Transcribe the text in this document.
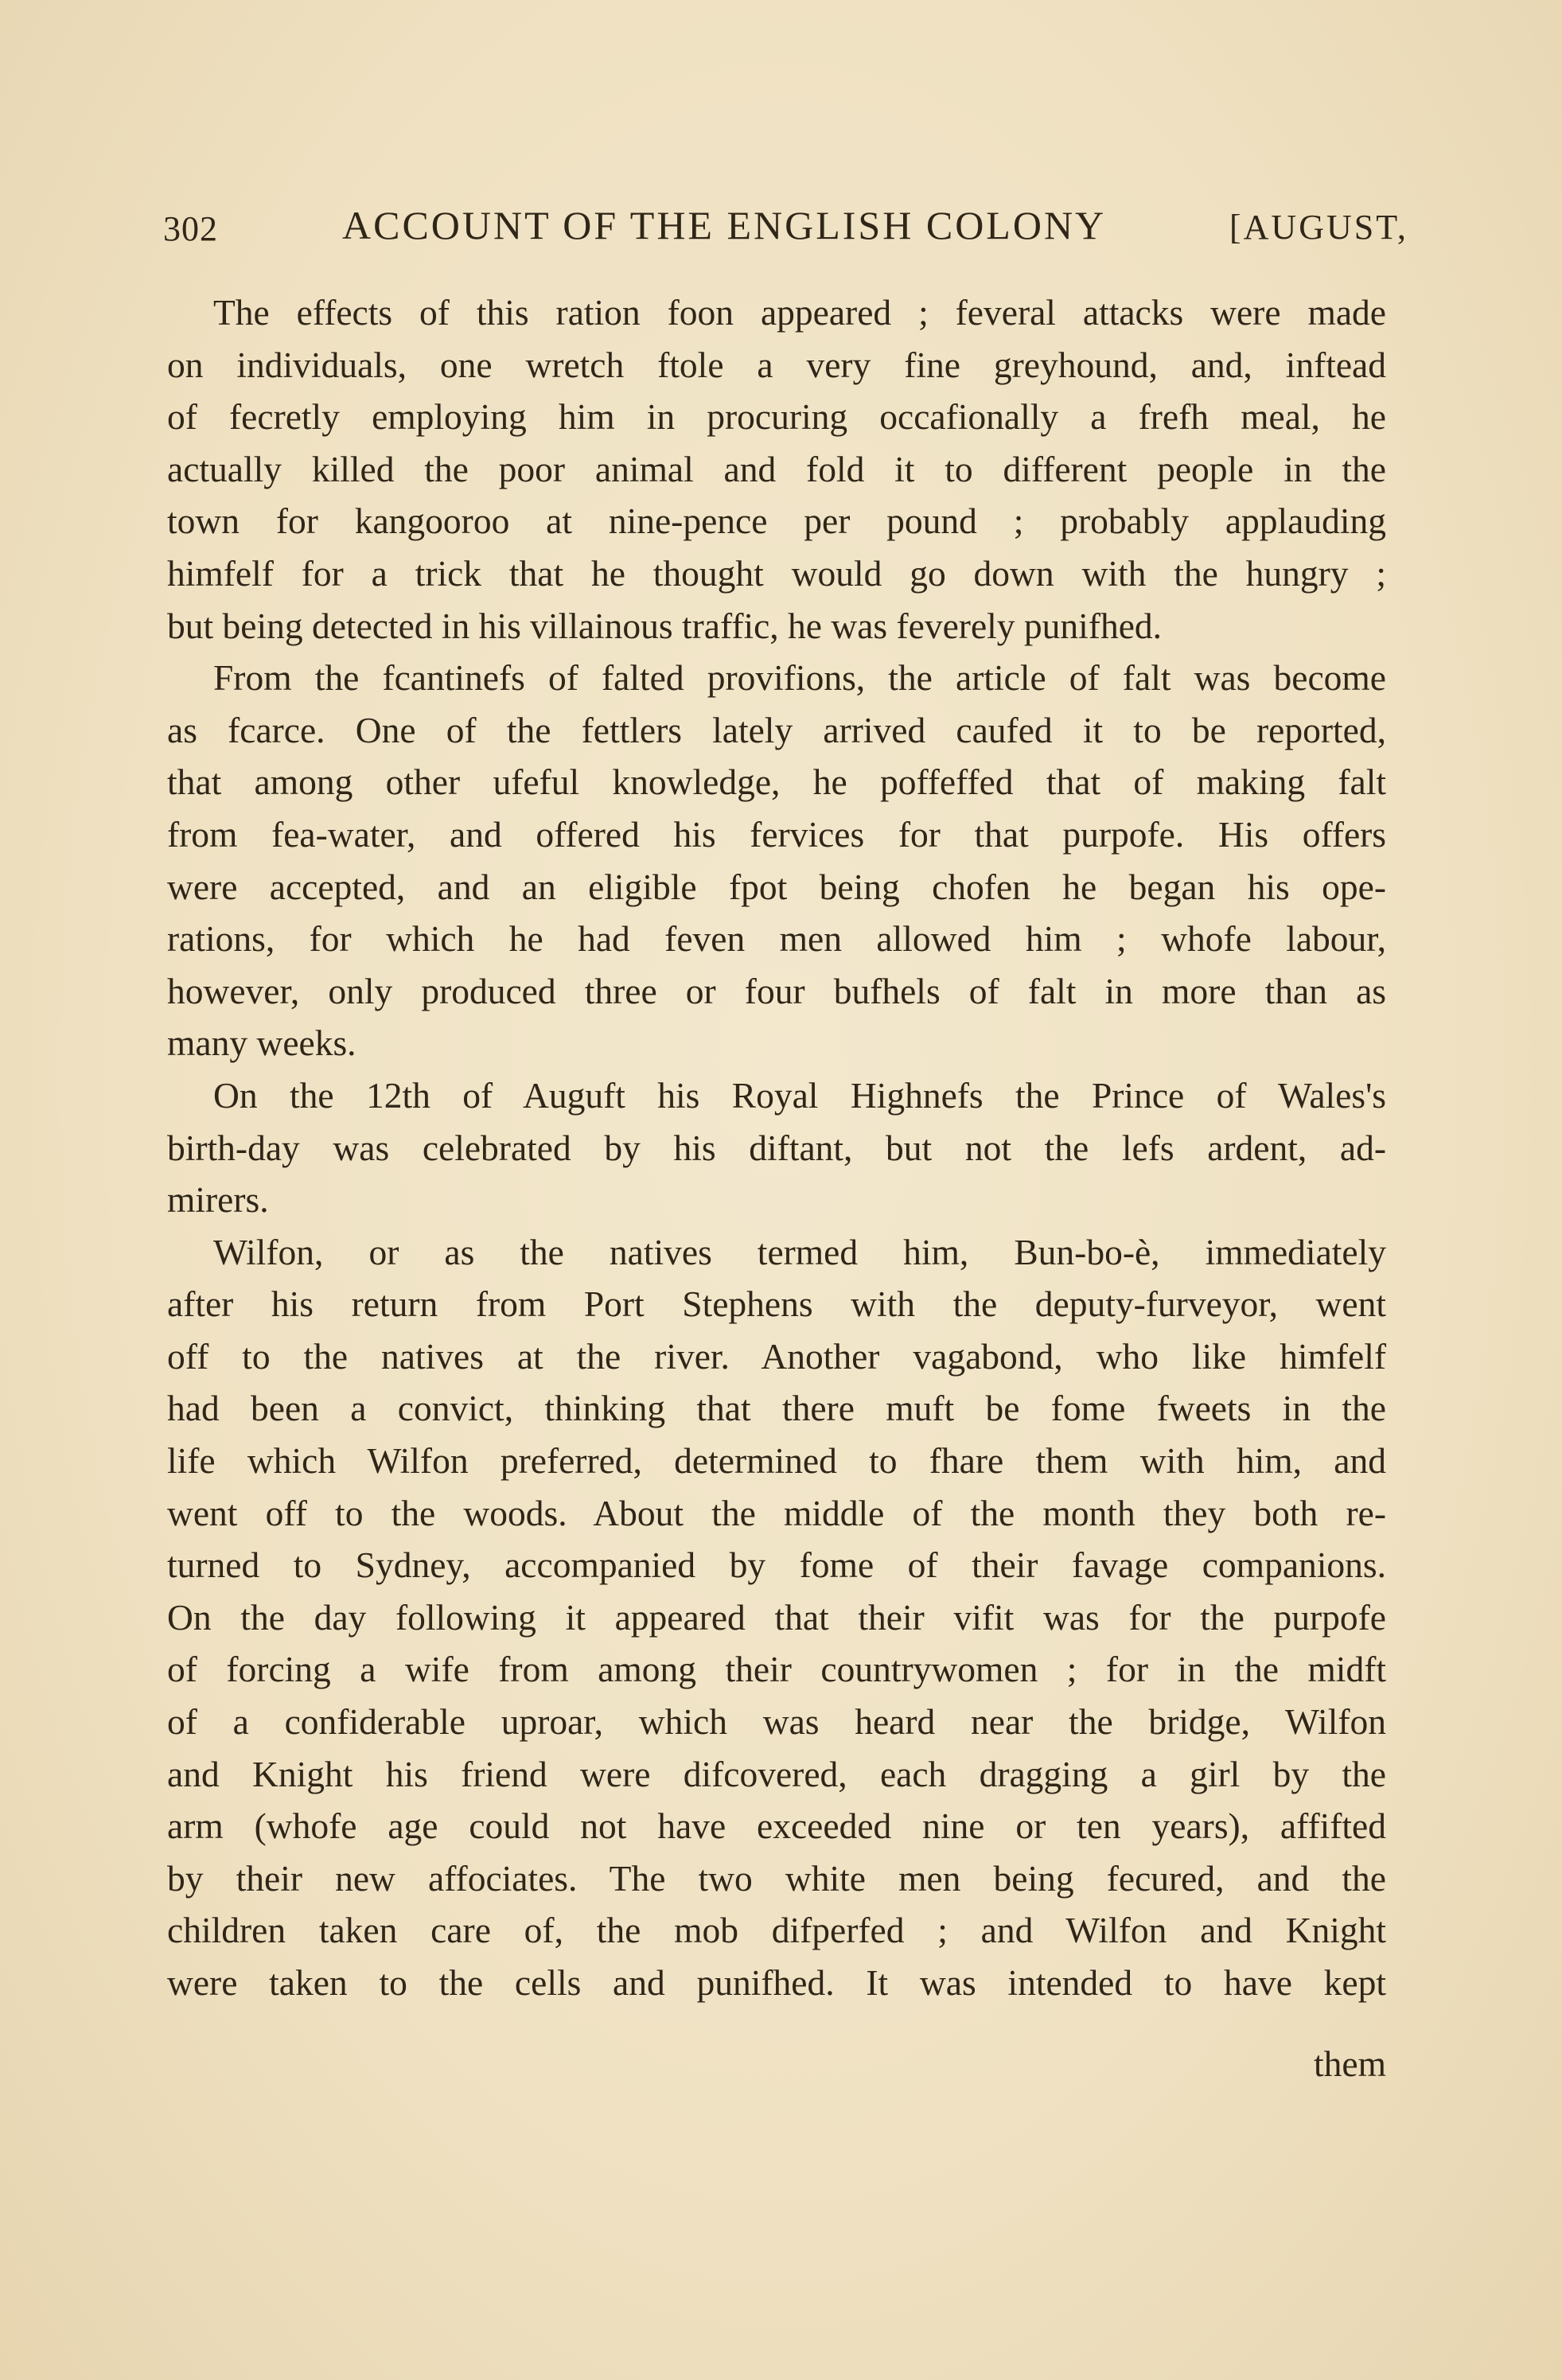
302	ACCOUNT OF THE ENGLISH COLONY	[AUGUST,
The effects of this ration foon appeared ; feveral attacks were made
on individuals, one wretch ftole a very fine greyhound, and, inftead
of fecretly employing him in procuring occafionally a frefh meal, he
actually killed the poor animal and fold it to different people in the
town for kangooroo at nine-pence per pound ; probably applauding
himfelf for a trick that he thought would go down with the hungry ;
but being detected in his villainous traffic, he was feverely punifhed.
From the fcantinefs of falted provifions, the article of falt was become
as fcarce. One of the fettlers lately arrived caufed it to be reported,
that among other ufeful knowledge, he poffeffed that of making falt
from fea-water, and offered his fervices for that purpofe. His offers
were accepted, and an eligible fpot being chofen he began his ope-
rations, for which he had feven men allowed him ; whofe labour,
however, only produced three or four bufhels of falt in more than as
many weeks.
On the 12th of Auguft his Royal Highnefs the Prince of Wales's
birth-day was celebrated by his diftant, but not the lefs ardent, ad-
mirers.
Wilfon, or as the natives termed him, Bun-bo-è, immediately
after his return from Port Stephens with the deputy-furveyor, went
off to the natives at the river. Another vagabond, who like himfelf
had been a convict, thinking that there muft be fome fweets in the
life which Wilfon preferred, determined to fhare them with him, and
went off to the woods. About the middle of the month they both re-
turned to Sydney, accompanied by fome of their favage companions.
On the day following it appeared that their vifit was for the purpofe
of forcing a wife from among their countrywomen ; for in the midft
of a confiderable uproar, which was heard near the bridge, Wilfon
and Knight his friend were difcovered, each dragging a girl by the
arm (whofe age could not have exceeded nine or ten years), affifted
by their new affociates. The two white men being fecured, and the
children taken care of, the mob difperfed ; and Wilfon and Knight
were taken to the cells and punifhed. It was intended to have kept
them
